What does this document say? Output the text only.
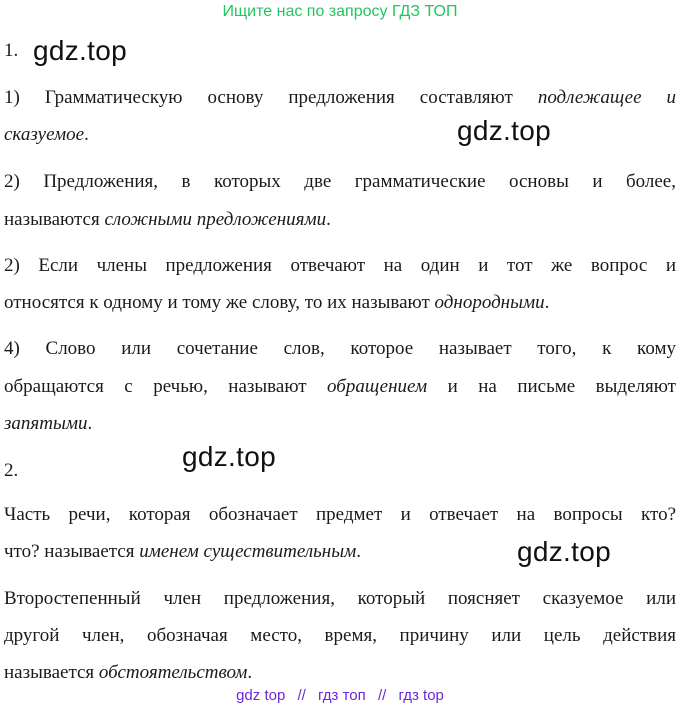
Ищите нас по запросу ГДЗ ТОП
1. gdz.top
1) Грамматическую основу предложения составляют подлежащее и
сказуемое.	gdz.top
2) Предложения, в которых две грамматические основы и более,
называются сложными предложениями.
2) Если члены предложения отвечают на один и тот же вопрос и
относятся к одному и тому же слову, то их называют однородными.
4) Слово или сочетание слов, которое называет того, к кому
обращаются с речью, называют обращением и на письме выделяют
запятыми.
2.	gdz.top
Часть речи, которая обозначает предмет и отвечает на вопросы кто?
что? называется именем существительным.	gdz.top
Второстепенный член предложения, который поясняет сказуемое или
другой член, обозначая место, время, причину или цель действия
называется обстоятельством.
gdz top // гдз топ // гдз top
